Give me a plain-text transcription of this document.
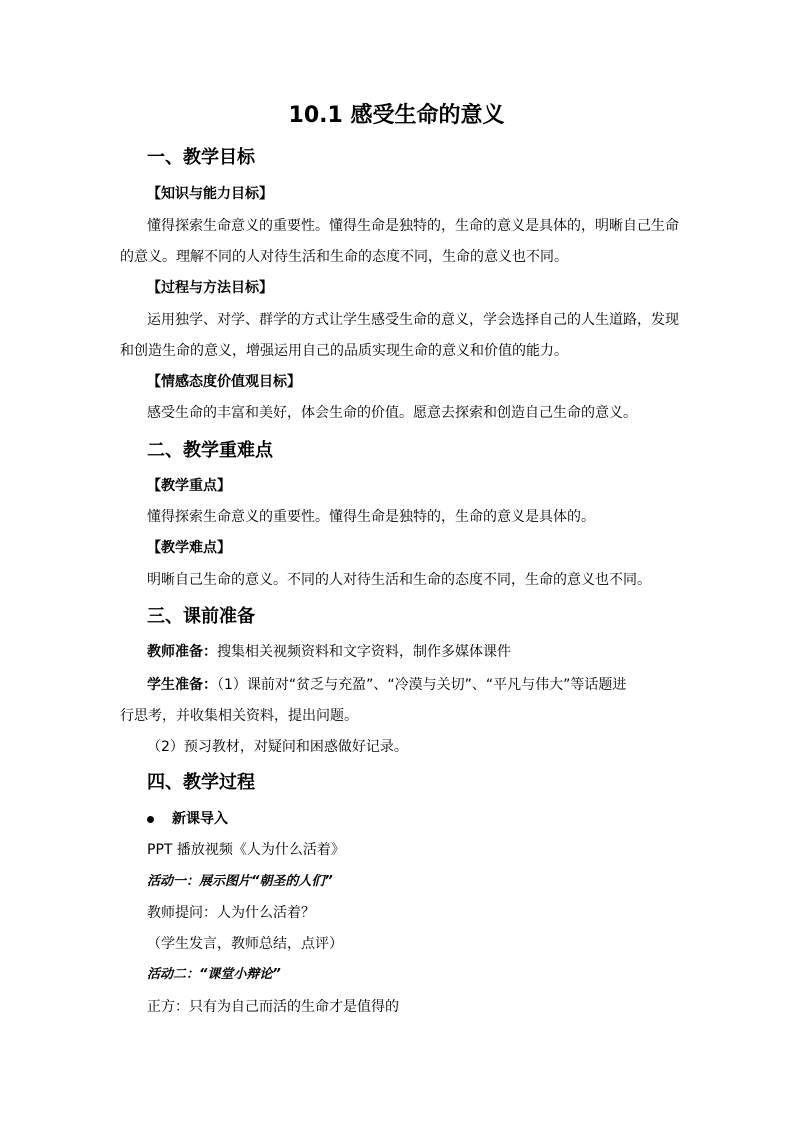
10.1 感受生命的意义
一、教学目标
【知识与能力目标】
懂得探索生命意义的重要性。懂得生命是独特的，生命的意义是具体的，明晰自己生命
的意义。理解不同的人对待生活和生命的态度不同，生命的意义也不同。
【过程与方法目标】
运用独学、对学、群学的方式让学生感受生命的意义，学会选择自己的人生道路，发现
和创造生命的意义，增强运用自己的品质实现生命的意义和价值的能力。
【情感态度价值观目标】
感受生命的丰富和美好，体会生命的价值。愿意去探索和创造自己生命的意义。
二、教学重难点
【教学重点】
懂得探索生命意义的重要性。懂得生命是独特的，生命的意义是具体的。
【教学难点】
明晰自己生命的意义。不同的人对待生活和生命的态度不同，生命的意义也不同。
三、课前准备
教师准备：搜集相关视频资料和文字资料，制作多媒体课件
学生准备：（1）课前对“贫乏与充盈”、“冷漠与关切”、“平凡与伟大”等话题进
行思考，并收集相关资料，提出问题。
（2）预习教材，对疑问和困惑做好记录。
四、教学过程
新课导入
PPT 播放视频《人为什么活着》
活动一：展示图片“朝圣的人们”
教师提问：人为什么活着？
（学生发言，教师总结，点评）
活动二：“课堂小辩论”
正方：只有为自己而活的生命才是值得的
